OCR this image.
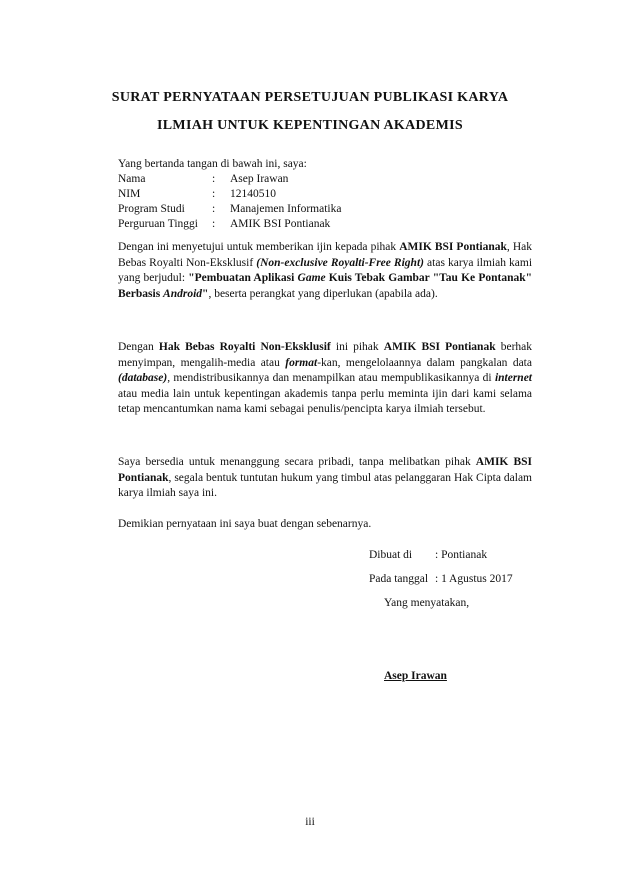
SURAT PERNYATAAN PERSETUJUAN PUBLIKASI KARYA
ILMIAH UNTUK KEPENTINGAN AKADEMIS
Yang bertanda tangan di bawah ini, saya:
Nama	:	Asep Irawan
NIM	:	12140510
Program Studi	:	Manajemen Informatika
Perguruan Tinggi	:	AMIK BSI Pontianak
Dengan ini menyetujui untuk memberikan ijin kepada pihak AMIK BSI Pontianak, Hak Bebas Royalti Non-Eksklusif (Non-exclusive Royalti-Free Right) atas karya ilmiah kami yang berjudul: "Pembuatan Aplikasi Game Kuis Tebak Gambar "Tau Ke Pontanak" Berbasis Android", beserta perangkat yang diperlukan (apabila ada).
Dengan Hak Bebas Royalti Non-Eksklusif ini pihak AMIK BSI Pontianak berhak menyimpan, mengalih-media atau format-kan, mengelolaannya dalam pangkalan data (database), mendistribusikannya dan menampilkan atau mempublikasikannya di internet atau media lain untuk kepentingan akademis tanpa perlu meminta ijin dari kami selama tetap mencantumkan nama kami sebagai penulis/pencipta karya ilmiah tersebut.
Saya bersedia untuk menanggung secara pribadi, tanpa melibatkan pihak AMIK BSI Pontianak, segala bentuk tuntutan hukum yang timbul atas pelanggaran Hak Cipta dalam karya ilmiah saya ini.
Demikian pernyataan ini saya buat dengan sebenarnya.
Dibuat di : Pontianak
Pada tanggal : 1 Agustus 2017
Yang menyatakan,
Asep Irawan
iii
